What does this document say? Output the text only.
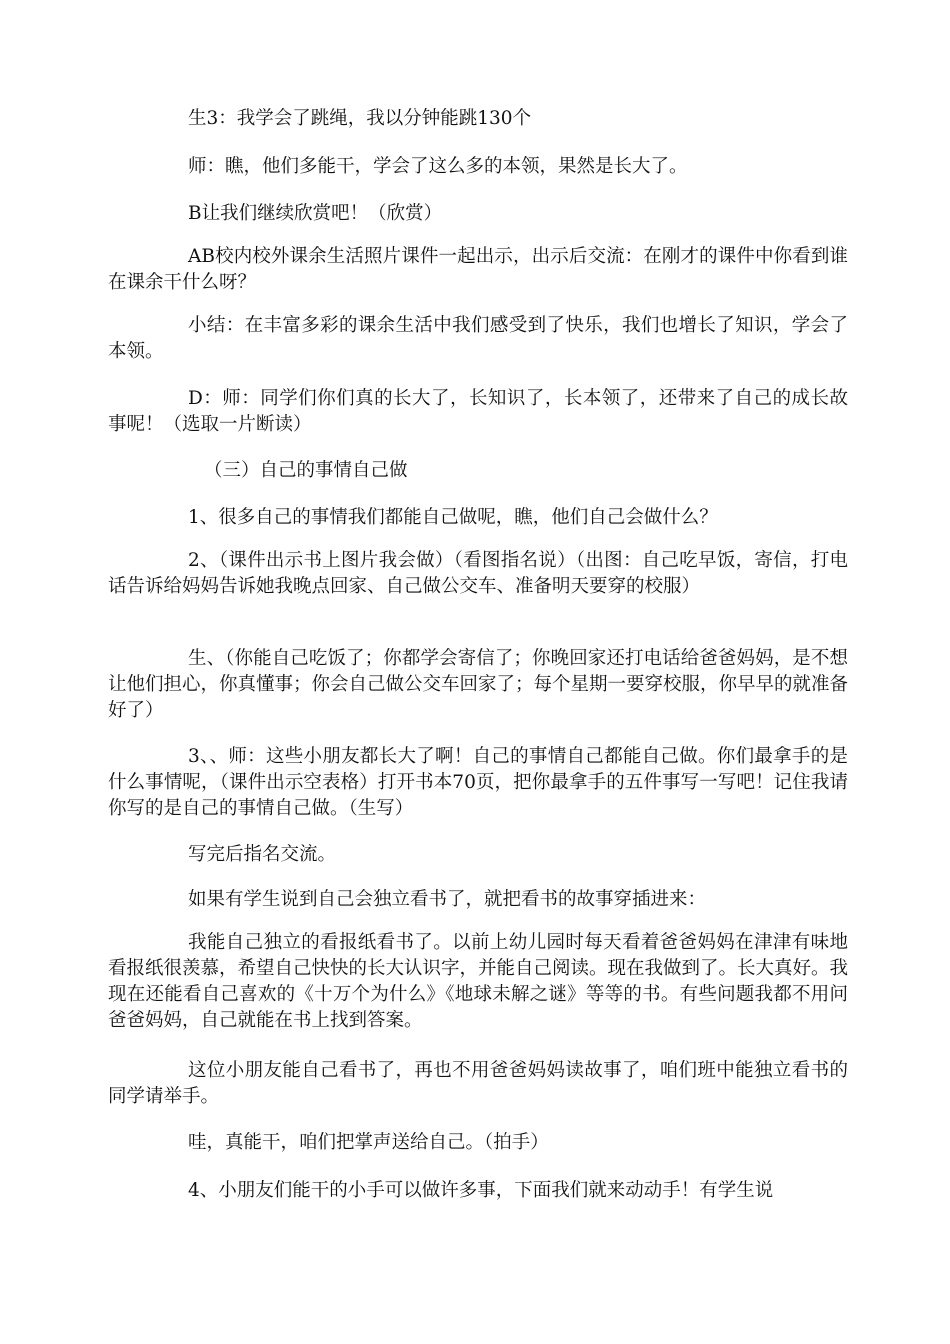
生3：我学会了跳绳，我以分钟能跳130个

师：瞧，他们多能干，学会了这么多的本领，果然是长大了。

B让我们继续欣赏吧！（欣赏）

AB校内校外课余生活照片课件一起出示，出示后交流：在刚才的课件中你看到谁在课余干什么呀？

小结：在丰富多彩的课余生活中我们感受到了快乐，我们也增长了知识，学会了本领。

D：师：同学们你们真的长大了，长知识了，长本领了，还带来了自己的成长故事呢！（选取一片断读）

（三）自己的事情自己做

1、很多自己的事情我们都能自己做呢，瞧，他们自己会做什么？

2、（课件出示书上图片我会做）（看图指名说）（出图：自己吃早饭，寄信，打电话告诉给妈妈告诉她我晚点回家、自己做公交车、准备明天要穿的校服）

生、（你能自己吃饭了；你都学会寄信了；你晚回家还打电话给爸爸妈妈，是不想让他们担心，你真懂事；你会自己做公交车回家了；每个星期一要穿校服，你早早的就准备好了）

3、、师：这些小朋友都长大了啊！自己的事情自己都能自己做。你们最拿手的是什么事情呢，（课件出示空表格）打开书本70页，把你最拿手的五件事写一写吧！记住我请你写的是自己的事情自己做。（生写）

写完后指名交流。

如果有学生说到自己会独立看书了，就把看书的故事穿插进来：

我能自己独立的看报纸看书了。以前上幼儿园时每天看着爸爸妈妈在津津有味地看报纸很羡慕，希望自己快快的长大认识字，并能自己阅读。现在我做到了。长大真好。我现在还能看自己喜欢的《十万个为什么》《地球未解之谜》等等的书。有些问题我都不用问爸爸妈妈，自己就能在书上找到答案。

这位小朋友能自己看书了，再也不用爸爸妈妈读故事了，咱们班中能独立看书的同学请举手。

哇，真能干，咱们把掌声送给自己。（拍手）

4、小朋友们能干的小手可以做许多事，下面我们就来动动手！有学生说
